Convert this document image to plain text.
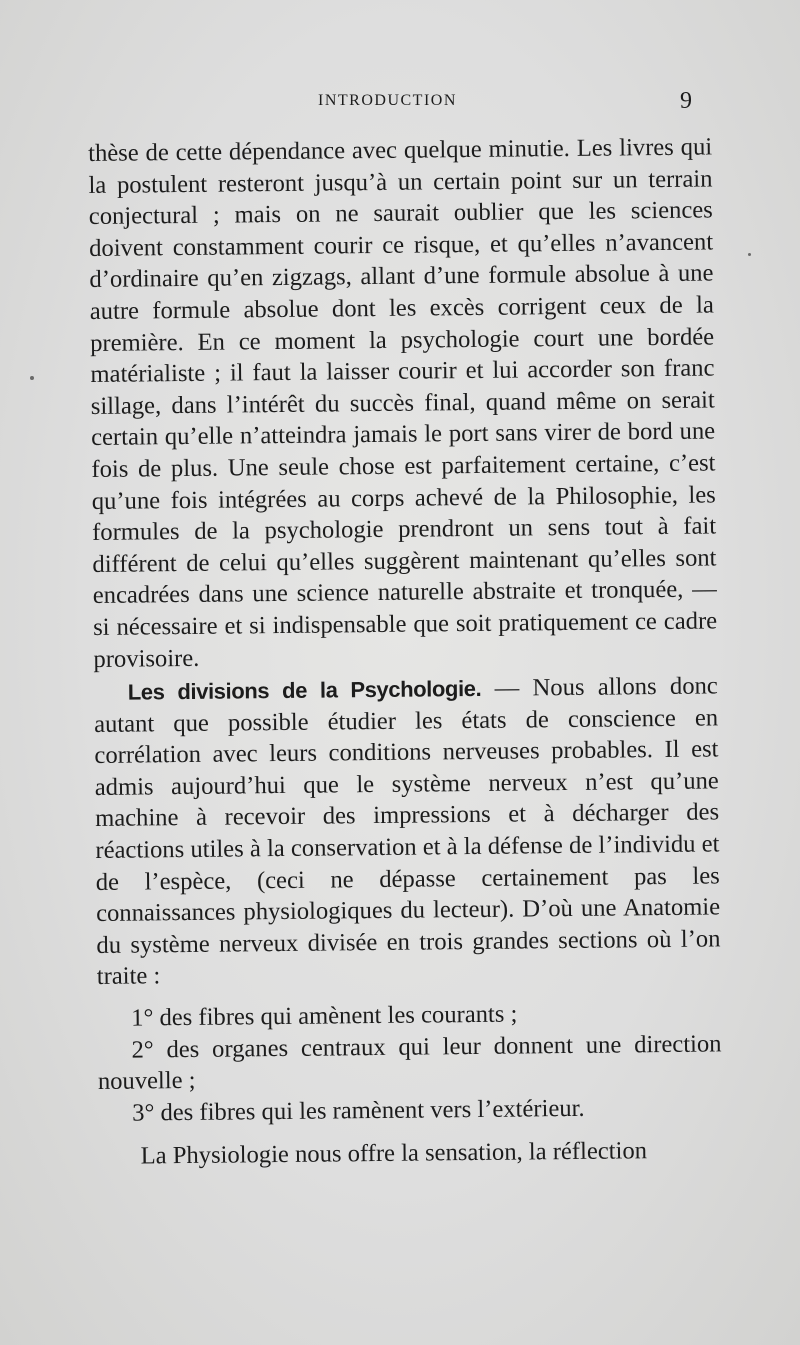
INTRODUCTION	9

thèse de cette dépendance avec quelque minutie. Les livres qui la postulent resteront jusqu’à un certain point sur un terrain conjectural ; mais on ne saurait oublier que les sciences doivent constamment courir ce risque, et qu’elles n’avancent d’ordinaire qu’en zigzags, allant d’une formule absolue à une autre formule absolue dont les excès corrigent ceux de la première. En ce moment la psychologie court une bordée matérialiste ; il faut la laisser courir et lui accorder son franc sillage, dans l’intérêt du succès final, quand même on serait certain qu’elle n’atteindra jamais le port sans virer de bord une fois de plus. Une seule chose est parfaitement certaine, c’est qu’une fois intégrées au corps achevé de la Philosophie, les formules de la psychologie prendront un sens tout à fait différent de celui qu’elles suggèrent maintenant qu’elles sont encadrées dans une science naturelle abstraite et tronquée, — si nécessaire et si indispensable que soit pratiquement ce cadre provisoire.

Les divisions de la Psychologie. — Nous allons donc autant que possible étudier les états de conscience en corrélation avec leurs conditions nerveuses probables. Il est admis aujourd’hui que le système nerveux n’est qu’une machine à recevoir des impressions et à décharger des réactions utiles à la conservation et à la défense de l’individu et de l’espèce, (ceci ne dépasse certainement pas les connaissances physiologiques du lecteur). D’où une Anatomie du système nerveux divisée en trois grandes sections où l’on traite :

1° des fibres qui amènent les courants ;

2° des organes centraux qui leur donnent une direction nouvelle ;

3° des fibres qui les ramènent vers l’extérieur.

La Physiologie nous offre la sensation, la réflection
